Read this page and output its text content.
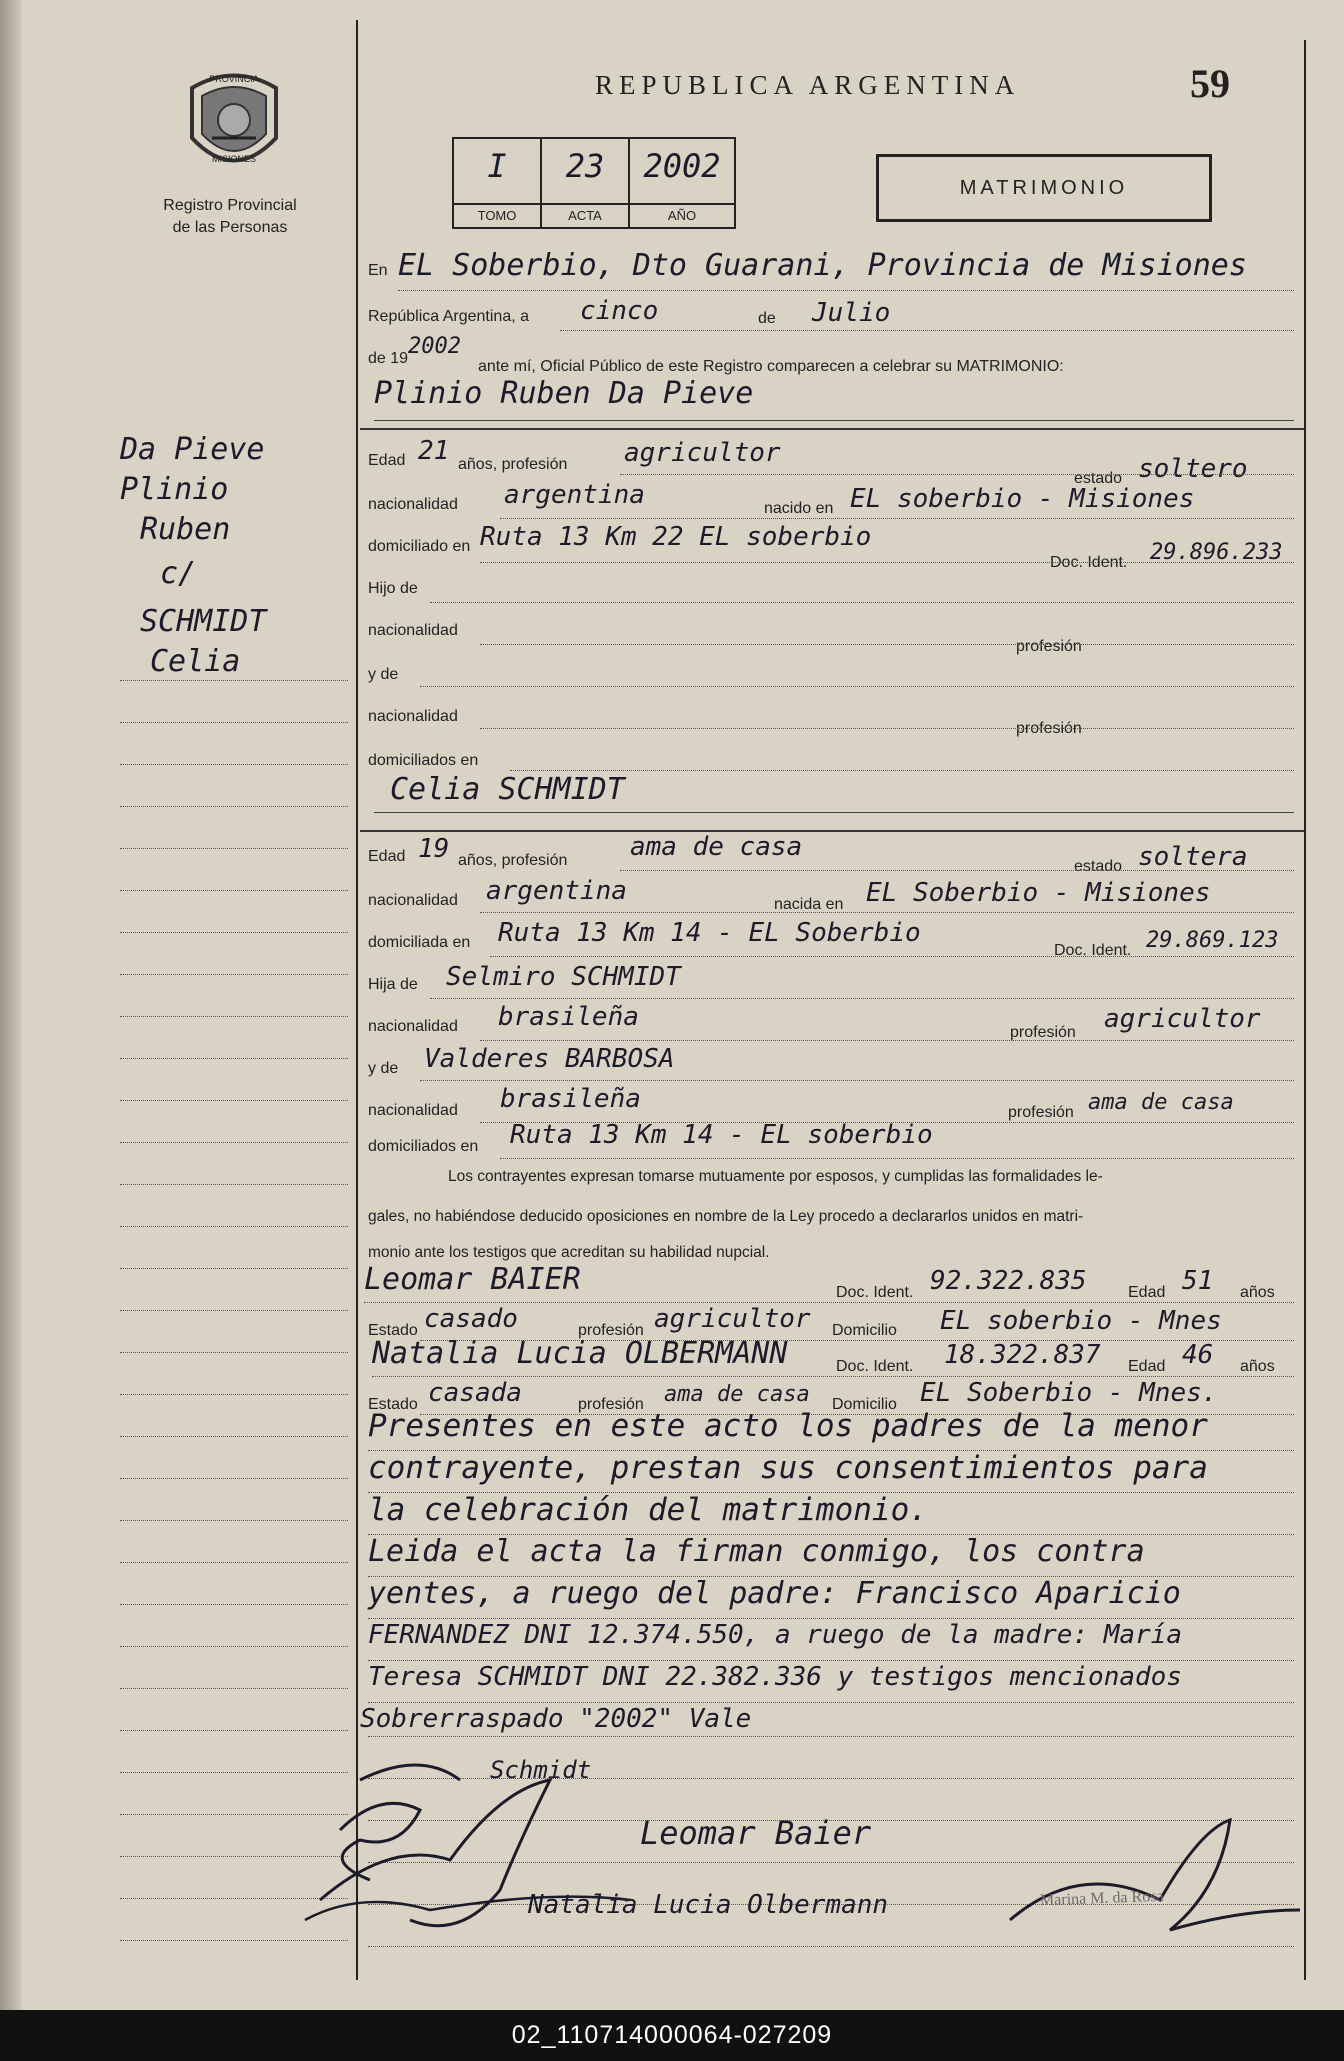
PROVINCIA
MISIONES
Registro Provincial
de las Personas
REPUBLICA ARGENTINA	59
I
TOMO
23
ACTA
2002
AÑO
MATRIMONIO
En EL Soberbio, Dto Guarani, Provincia de Misiones
República Argentina, a cinco	de Julio
de 19 2002
ante mí, Oficial Público de este Registro comparecen a celebrar su MATRIMONIO:
Plinio Ruben Da Pieve
Da Pieve
Plinio
Ruben
c/
SCHMIDT
Celia
Edad 21 años, profesión agricultor
estado soltero
nacionalidad argentina	nacido en EL soberbio - Misiones
domiciliado en Ruta 13 Km 22 EL soberbio
Doc. Ident. 29.896.233
Hijo de
nacionalidad
profesión
y de
nacionalidad
profesión
domiciliados en
Celia SCHMIDT
Edad 19 años, profesión ama de casa
estado soltera
nacionalidad argentina	nacida en EL Soberbio - Misiones
domiciliada en Ruta 13 Km 14 - EL Soberbio
Doc. Ident. 29.869.123
Hija de Selmiro SCHMIDT
nacionalidad brasileña
profesión agricultor
y de Valderes BARBOSA
nacionalidad brasileña	profesión ama de casa
domiciliados en Ruta 13 Km 14 - EL soberbio
Los contrayentes expresan tomarse mutuamente por esposos, y cumplidas las formalidades le-
gales, no habiéndose deducido oposiciones en nombre de la Ley procedo a declararlos unidos en matri-
monio ante los testigos que acreditan su habilidad nupcial.
Leomar BAIER	Doc. Ident. 92.322.835	Edad 51 años
Estado casado	profesión agricultor Domicilio EL soberbio - Mnes
Natalia Lucia OLBERMANN	Doc. Ident. 18.322.837 Edad 46 años
Estado casada	profesión ama de casa Domicilio EL Soberbio - Mnes.
Presentes en este acto los padres de la menor
contrayente, prestan sus consentimientos para
la celebración del matrimonio.
Leida el acta la firman conmigo, los contra
yentes, a ruego del padre: Francisco Aparicio
FERNANDEZ DNI 12.374.550, a ruego de la madre: María
Teresa SCHMIDT DNI 22.382.336 y testigos mencionados
Sobrerraspado "2002" Vale
Schmidt
Leomar Baier
Natalia Lucia Olbermann	Marina M. da Rosa
02_110714000064-027209
